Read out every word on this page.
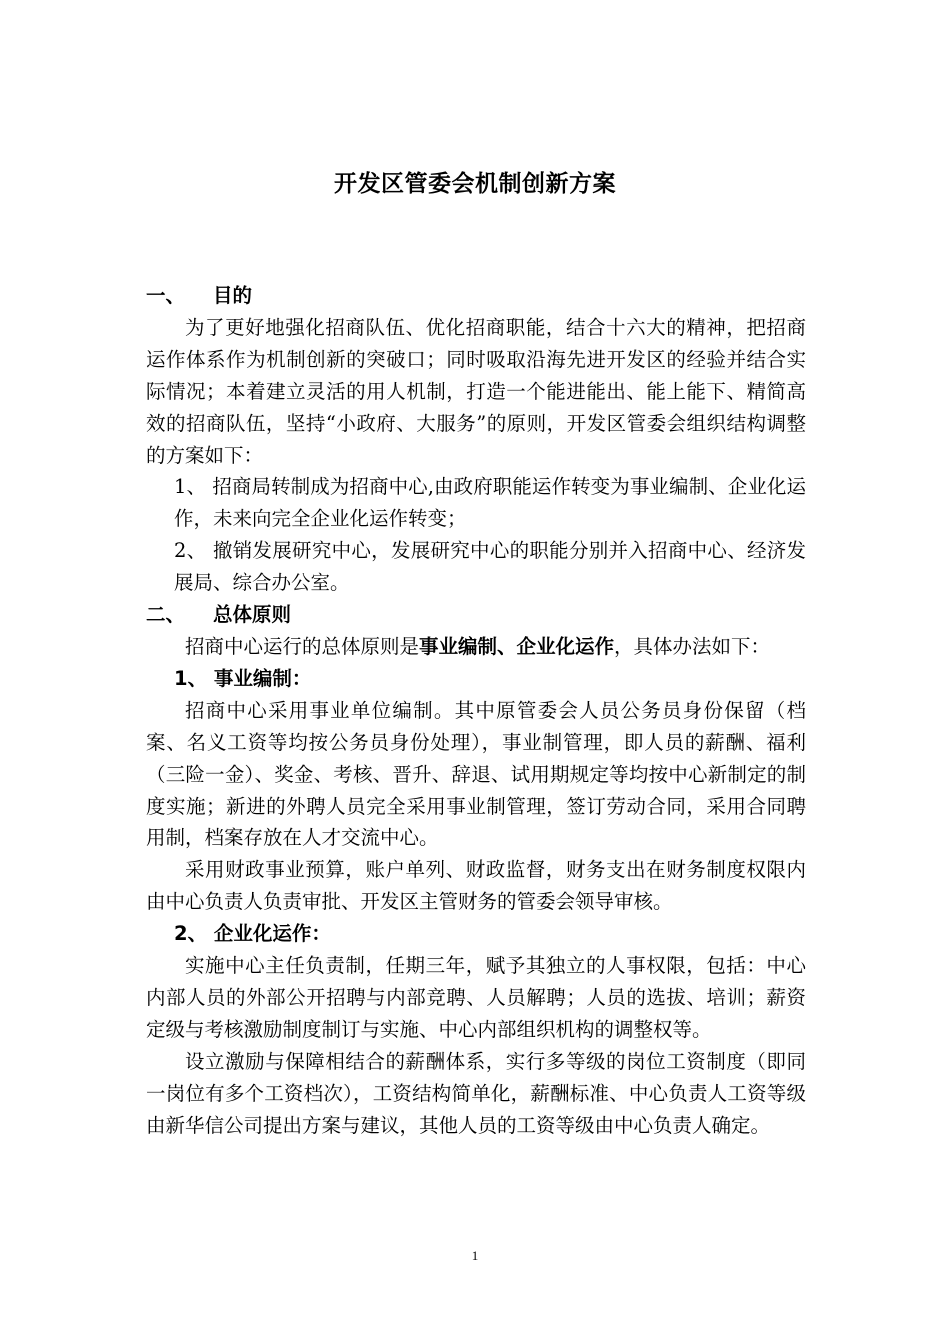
开发区管委会机制创新方案

一、 目的

为了更好地强化招商队伍、优化招商职能，结合十六大的精神，把招商运作体系作为机制创新的突破口；同时吸取沿海先进开发区的经验并结合实际情况；本着建立灵活的用人机制，打造一个能进能出、能上能下、精简高效的招商队伍，坚持“小政府、大服务”的原则，开发区管委会组织结构调整的方案如下：

1、 招商局转制成为招商中心,由政府职能运作转变为事业编制、企业化运作，未来向完全企业化运作转变；

2、 撤销发展研究中心，发展研究中心的职能分别并入招商中心、经济发展局、综合办公室。

二、 总体原则

招商中心运行的总体原则是事业编制、企业化运作，具体办法如下：

1、 事业编制：

招商中心采用事业单位编制。其中原管委会人员公务员身份保留（档案、名义工资等均按公务员身份处理），事业制管理，即人员的薪酬、福利（三险一金）、奖金、考核、晋升、辞退、试用期规定等均按中心新制定的制度实施；新进的外聘人员完全采用事业制管理，签订劳动合同，采用合同聘用制，档案存放在人才交流中心。

采用财政事业预算，账户单列、财政监督，财务支出在财务制度权限内由中心负责人负责审批、开发区主管财务的管委会领导审核。

2、 企业化运作：

实施中心主任负责制，任期三年，赋予其独立的人事权限，包括：中心内部人员的外部公开招聘与内部竞聘、人员解聘；人员的选拔、培训；薪资定级与考核激励制度制订与实施、中心内部组织机构的调整权等。

设立激励与保障相结合的薪酬体系，实行多等级的岗位工资制度（即同一岗位有多个工资档次），工资结构简单化，薪酬标准、中心负责人工资等级由新华信公司提出方案与建议，其他人员的工资等级由中心负责人确定。

1
